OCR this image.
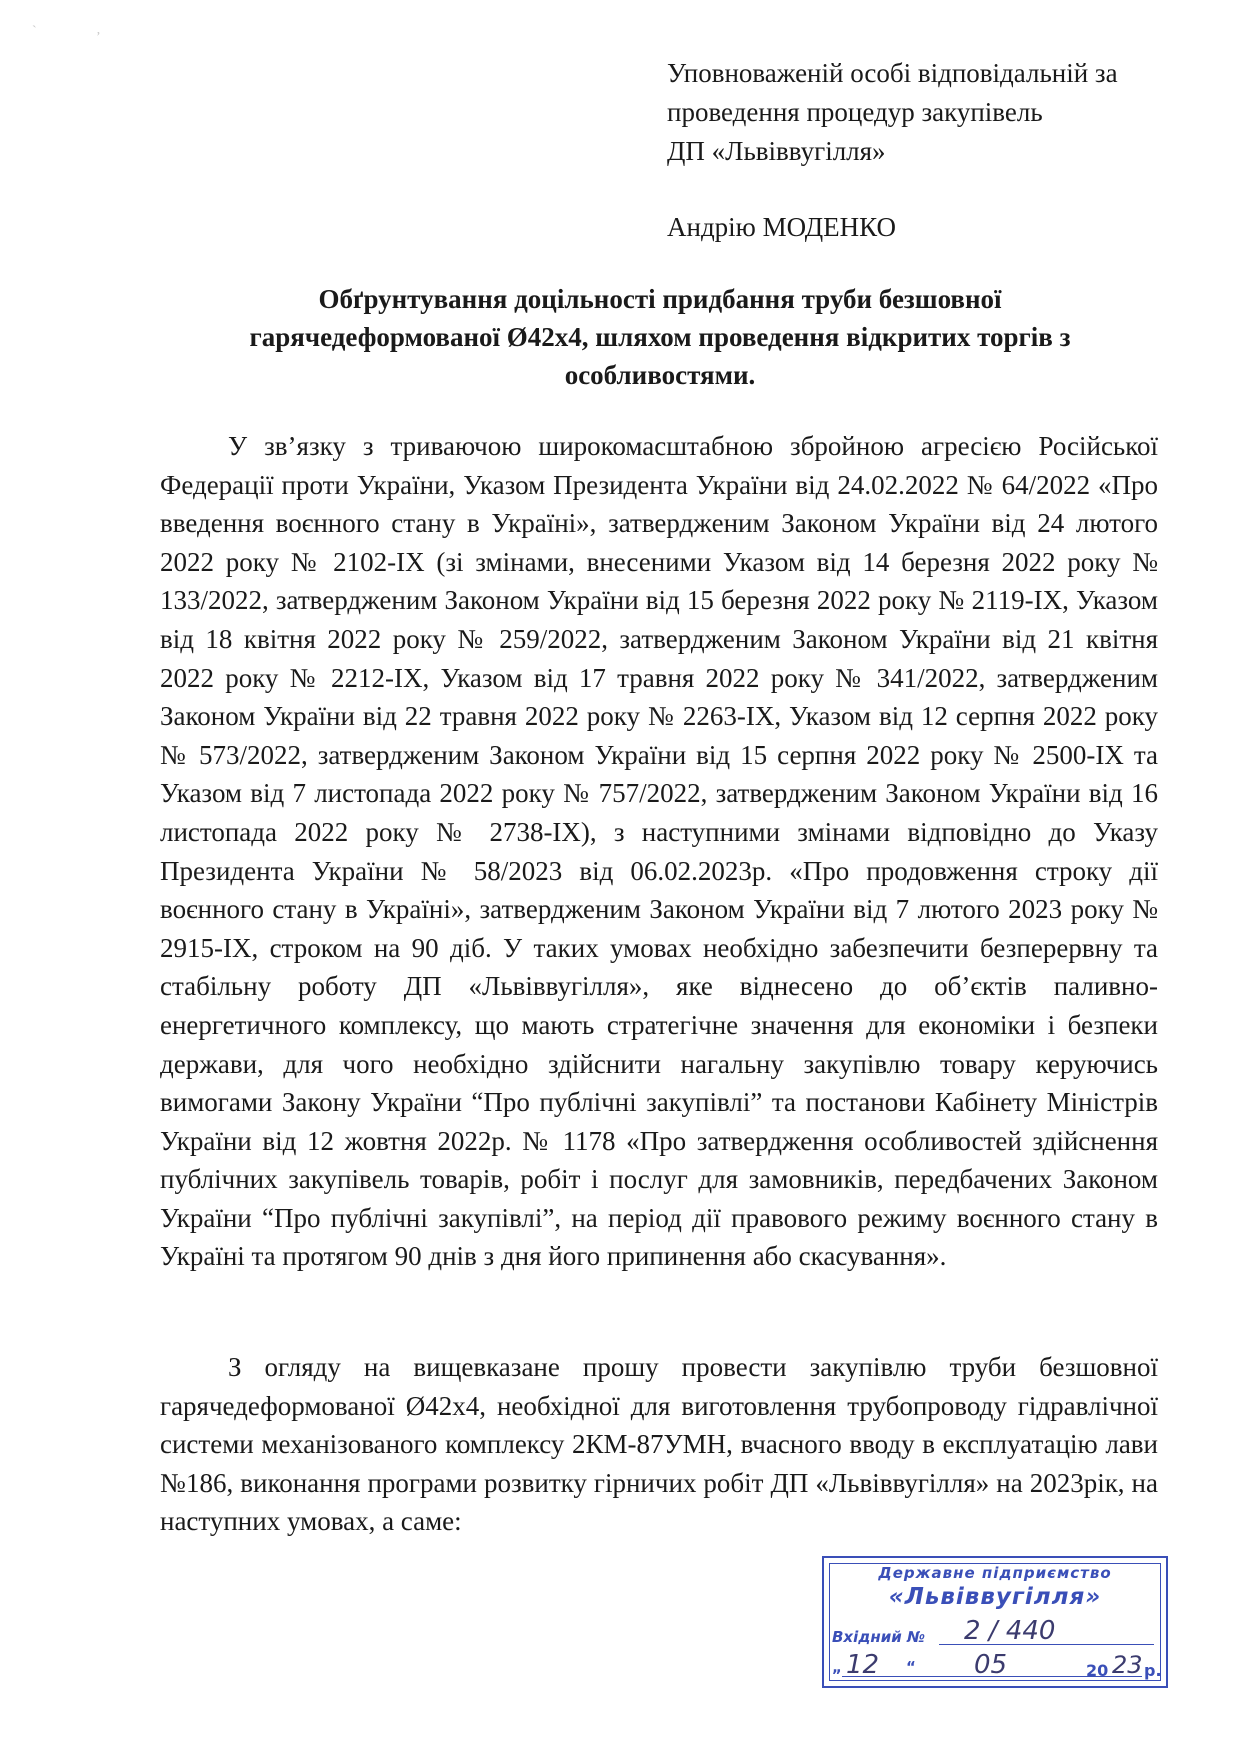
`	’
Уповноваженій особі відповідальній за
проведення процедур закупівель
ДП «Львіввугілля»
Андрію МОДЕНКО
Обґрунтування доцільності придбання труби безшовної
гарячедеформованої Ø42х4, шляхом проведення відкритих торгів з
особливостями.

У зв’язку з триваючою широкомасштабною збройною агресією Російської Федерації проти України, Указом Президента України від 24.02.2022 № 64/2022 «Про введення воєнного стану в Україні», затвердженим Законом України від 24 лютого 2022 року № 2102-ІХ (зі змінами, внесеними Указом від 14 березня 2022 року № 133/2022, затвердженим Законом України від 15 березня 2022 року № 2119-ІХ, Указом від 18 квітня 2022 року № 259/2022, затвердженим Законом України від 21 квітня 2022 року № 2212-ІХ, Указом від 17 травня 2022 року № 341/2022, затвердженим Законом України від 22 травня 2022 року № 2263-ІХ, Указом від 12 серпня 2022 року № 573/2022, затвердженим Законом України від 15 серпня 2022 року № 2500-ІХ та Указом від 7 листопада 2022 року № 757/2022, затвердженим Законом України від 16 листопада 2022 року № 2738-ІХ), з наступними змінами відповідно до Указу Президента України № 58/2023 від 06.02.2023р. «Про продовження строку дії воєнного стану в Україні», затвердженим Законом України від 7 лютого 2023 року № 2915-ІХ, строком на 90 діб. У таких умовах необхідно забезпечити безперервну та стабільну роботу ДП «Львіввугілля», яке віднесено до об’єктів паливно-енергетичного комплексу, що мають стратегічне значення для економіки і безпеки держави, для чого необхідно здійснити нагальну закупівлю товару керуючись вимогами Закону України “Про публічні закупівлі” та постанови Кабінету Міністрів України від 12 жовтня 2022р. № 1178 «Про затвердження особливостей здійснення публічних закупівель товарів, робіт і послуг для замовників, передбачених Законом України “Про публічні закупівлі”, на період дії правового режиму воєнного стану в Україні та протягом 90 днів з дня його припинення або скасування».

З огляду на вищевказане прошу провести закупівлю труби безшовної гарячедеформованої Ø42х4, необхідної для виготовлення трубопроводу гідравлічної системи механізованого комплексу 2КМ-87УМН, вчасного вводу в експлуатацію лави №186, виконання програми розвитку гірничих робіт ДП «Львіввугілля» на 2023рік, на наступних умовах, а саме:

Державне підприємство
«Львіввугілля»
Вхідний № 2 / 440
„ 12 “ 05	20 23 р.
